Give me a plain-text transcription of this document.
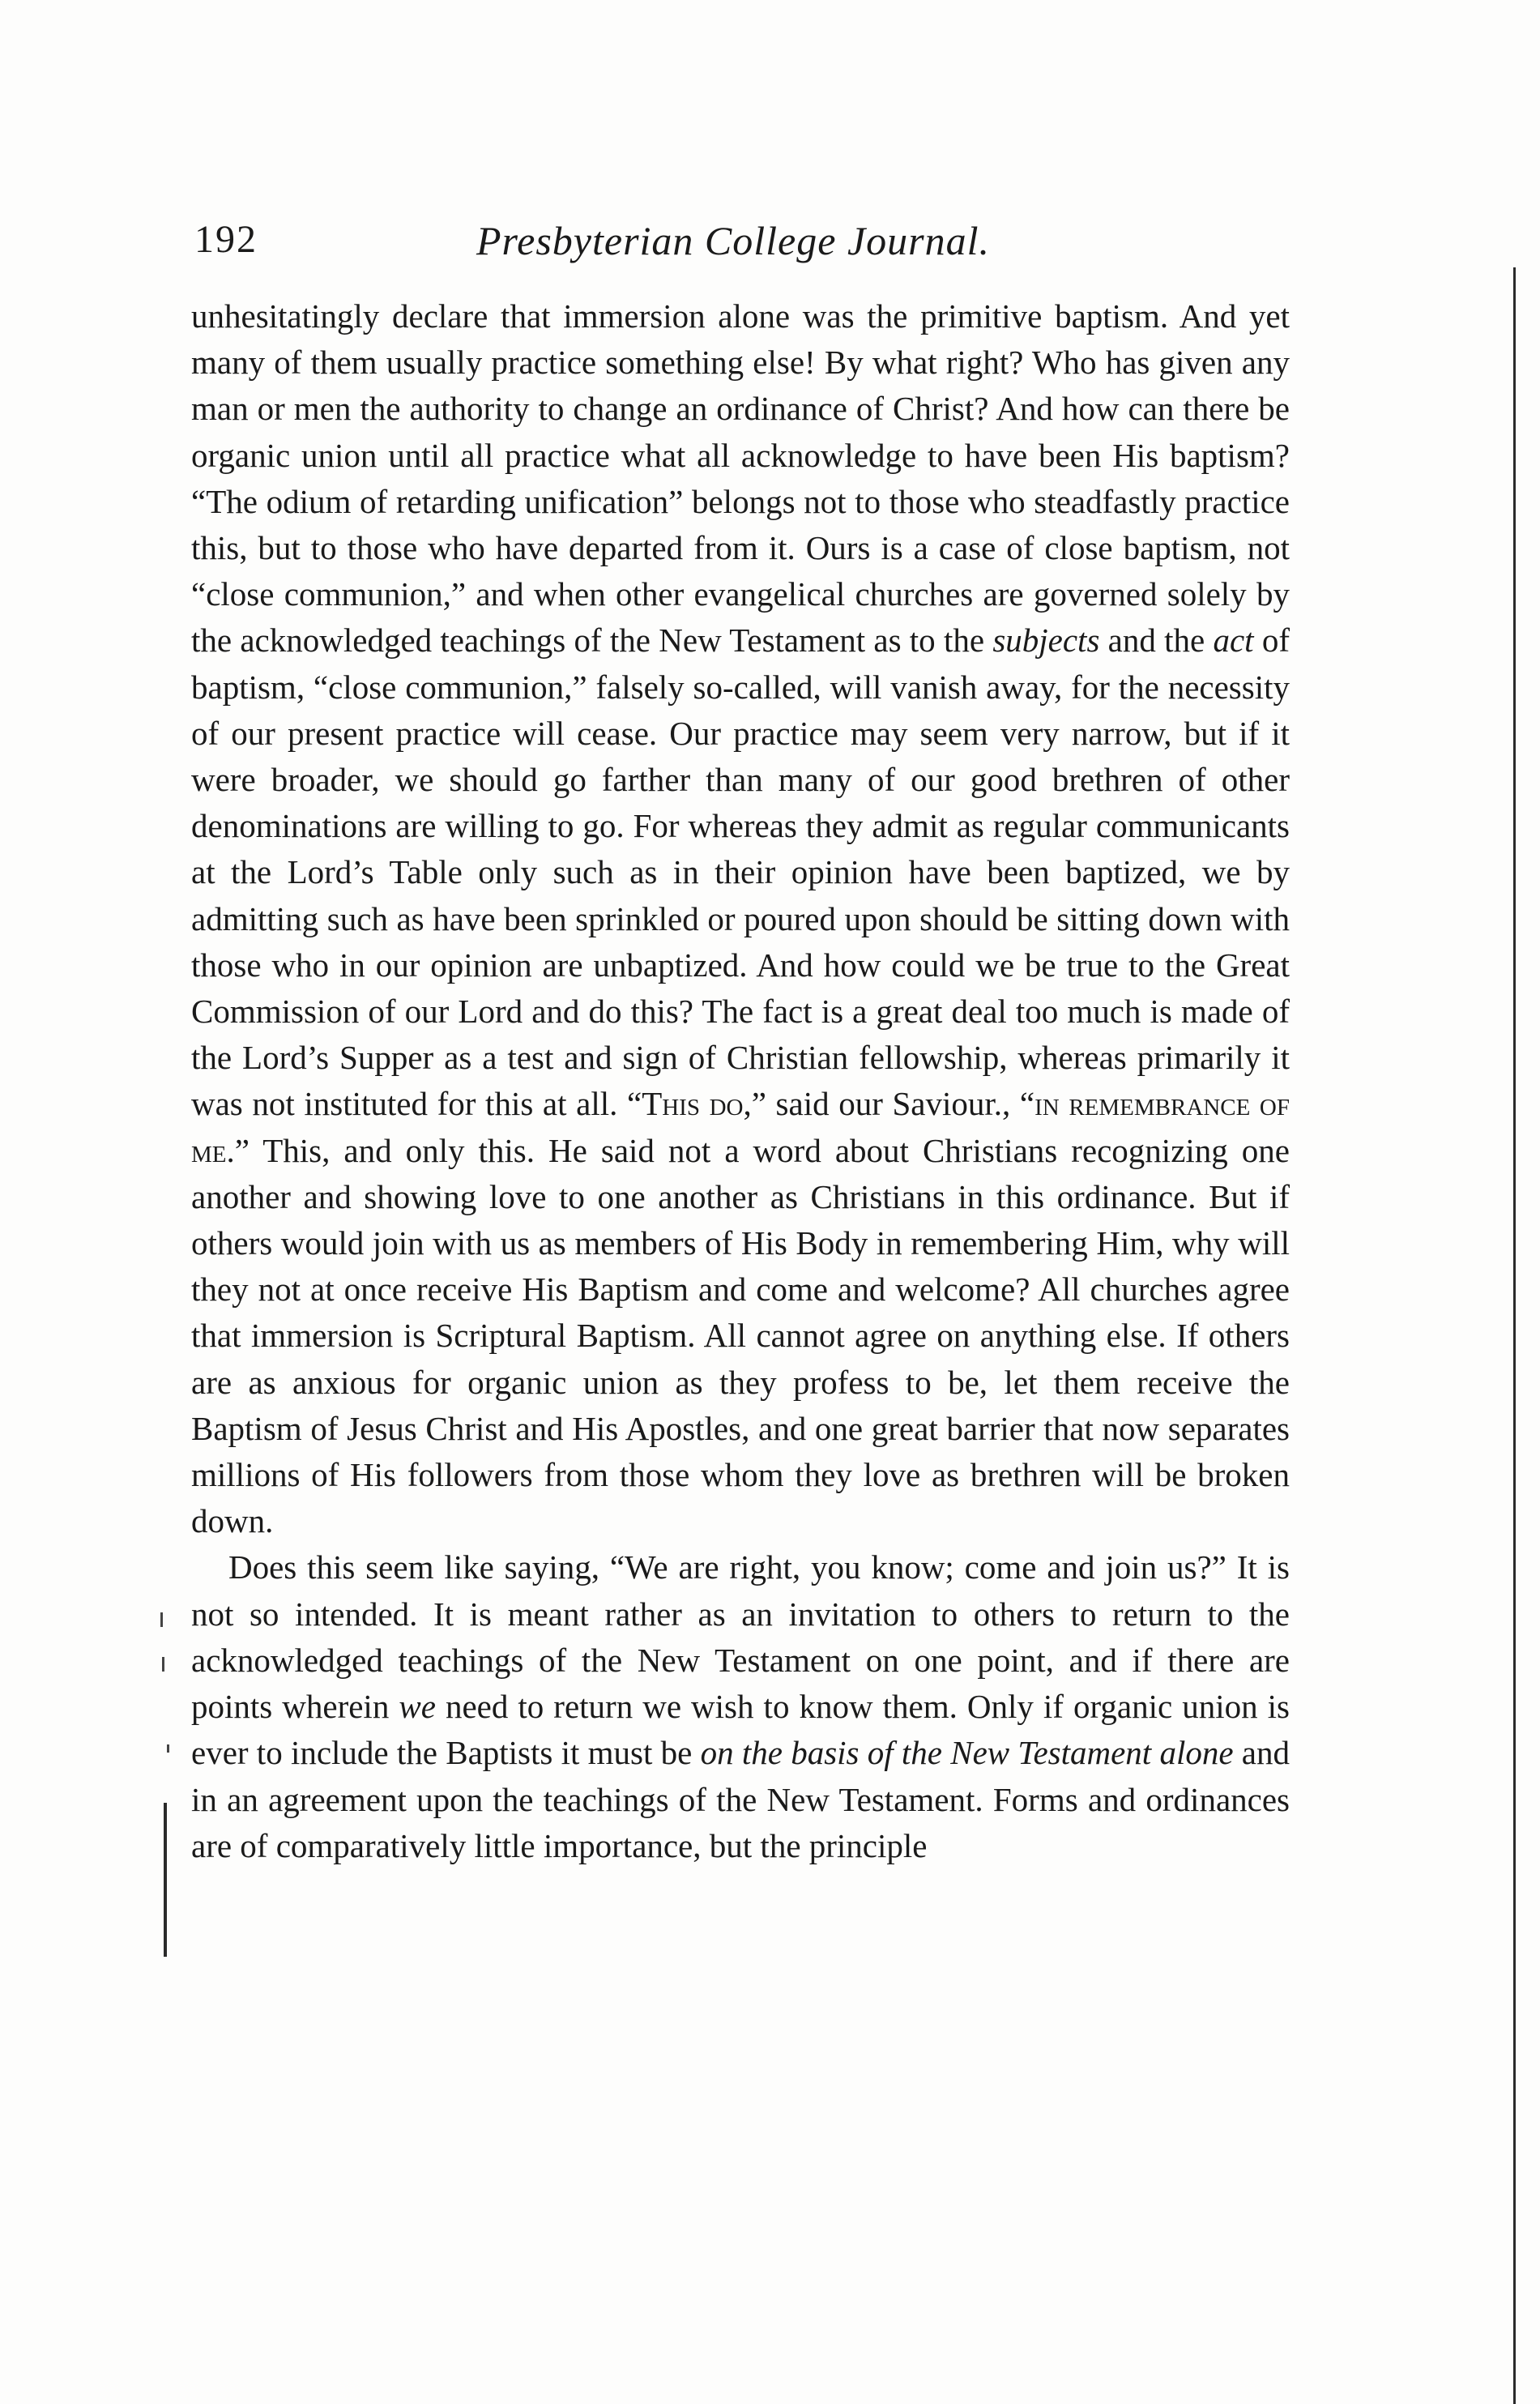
192	Presbyterian College Journal.

unhesitatingly declare that immersion alone was the primitive baptism. And yet many of them usually practice something else! By what right? Who has given any man or men the authority to change an ordinance of Christ? And how can there be organic union until all practice what all acknowledge to have been His baptism? “The odium of retarding unification” belongs not to those who steadfastly practice this, but to those who have departed from it. Ours is a case of close baptism, not “close communion,” and when other evangelical churches are governed solely by the acknowledged teachings of the New Testament as to the subjects and the act of baptism, “close communion,” falsely so-called, will vanish away, for the necessity of our present practice will cease. Our practice may seem very narrow, but if it were broader, we should go farther than many of our good brethren of other denominations are willing to go. For whereas they admit as regular communicants at the Lord’s Table only such as in their opinion have been baptized, we by admitting such as have been sprinkled or poured upon should be sitting down with those who in our opinion are unbaptized. And how could we be true to the Great Commission of our Lord and do this? The fact is a great deal too much is made of the Lord’s Supper as a test and sign of Christian fellowship, whereas primarily it was not instituted for this at all. “This do,” said our Saviour., “in remembrance of me.” This, and only this. He said not a word about Christians recognizing one another and showing love to one another as Christians in this ordinance. But if others would join with us as members of His Body in remembering Him, why will they not at once receive His Baptism and come and welcome? All churches agree that immersion is Scriptural Baptism. All cannot agree on anything else. If others are as anxious for organic union as they profess to be, let them receive the Baptism of Jesus Christ and His Apostles, and one great barrier that now separates millions of His followers from those whom they love as brethren will be broken down.

Does this seem like saying, “We are right, you know; come and join us?” It is not so intended. It is meant rather as an invitation to others to return to the acknowledged teachings of the New Testament on one point, and if there are points wherein we need to return we wish to know them. Only if organic union is ever to include the Baptists it must be on the basis of the New Testament alone and in an agreement upon the teachings of the New Testament. Forms and ordinances are of comparatively little importance, but the principle
